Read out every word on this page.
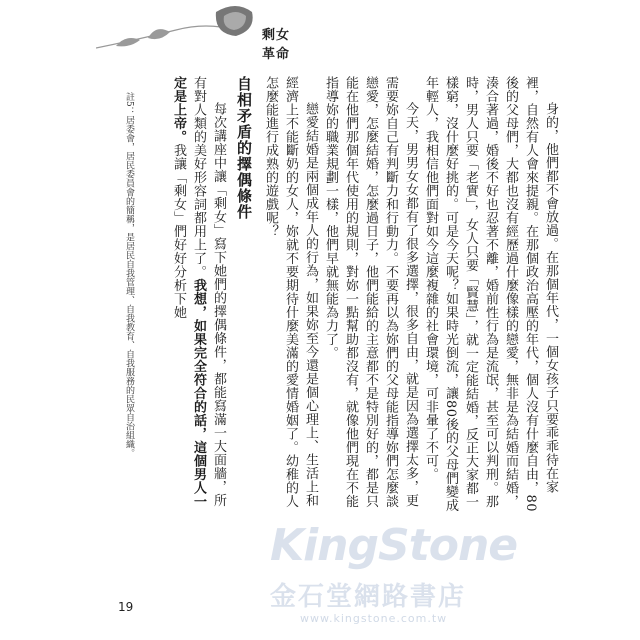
剩女革命
註5：居委會，居民委員會的簡稱，是居民自我管理、自我教育、自我服務的民眾自治組織。	身的，他們都不會放過。在那個年代，一個女孩子只要乖乖待在家裡，自然有人會來提親。在那個政治高壓的年代，個人沒有什麼自由，80後的父母們，大都也沒有經歷過什麼像樣的戀愛，無非是為結婚而結婚，湊合著過，婚後不好也忍著不離，婚前性行為是流氓，甚至可以判刑。那時，男人只要「老實」，女人只要「賢慧」，就一定能結婚，反正大家都一樣窮，沒什麼好挑的。可是今天呢？如果時光倒流，讓80後的父母們變成年輕人，我相信他們面對如今這麼複雜的社會環境，可非暈了不可。

今天，男男女女都有了很多選擇，很多自由，就是因為選擇太多，更需要妳自己有判斷力和行動力。不要再以為妳們的父母能指導妳們怎麼談戀愛，怎麼結婚，怎麼過日子，他們能給的主意都不是特別好的，都是只能在他們那個年代使用的規則，對妳一點幫助都沒有，就像他們現在不能指導妳的職業規劃一樣，他們早就無能為力了。

戀愛結婚是兩個成年人的行為，如果妳至今還是個心理上、生活上和經濟上不能斷奶的女人，妳就不要期待什麼美滿的愛情婚姻了。幼稚的人怎麼能進行成熟的遊戲呢？

自相矛盾的擇偶條件

每次講座中讓「剩女」寫下她們的擇偶條件，都能寫滿一大面牆，所有對人類的美好形容詞都用上了。我想，如果完全符合的話，這個男人一定是上帝。我讓「剩女」們好好分析下她

19
KingStone
金石堂網路書店
www.kingstone.com.tw
